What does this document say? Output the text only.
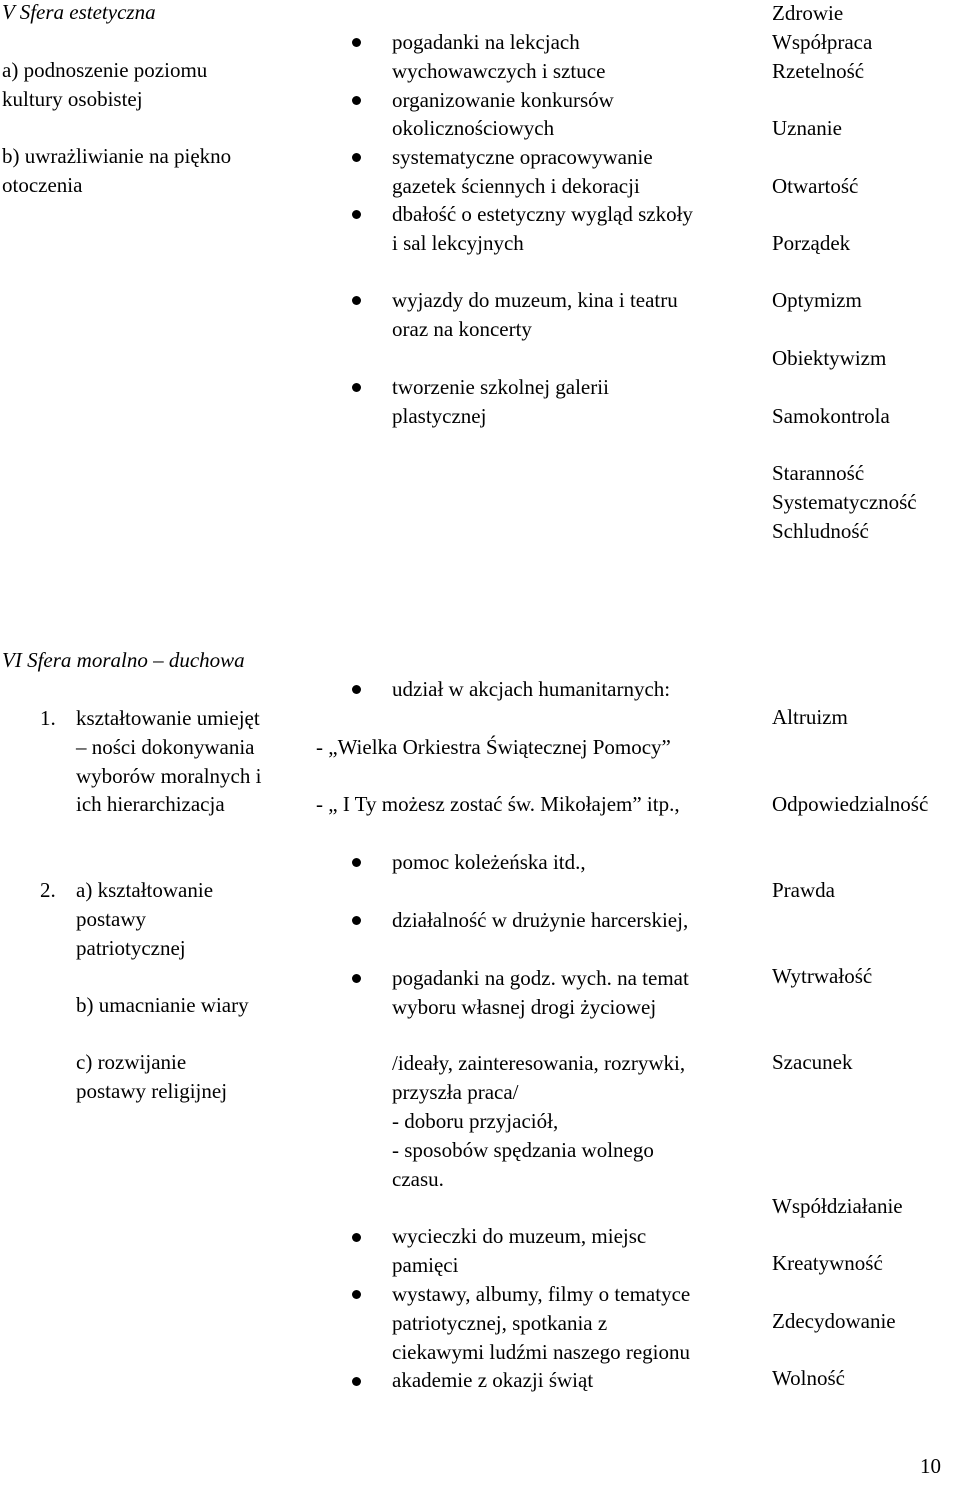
V Sfera estetyczna
a) podnoszenie poziomu
kultury osobistej
b) uwrażliwianie na piękno
otoczenia
pogadanki na lekcjach
wychowawczych i sztuce
organizowanie konkursów
okolicznościowych
systematyczne opracowywanie
gazetek ściennych i dekoracji
dbałość o estetyczny wygląd szkoły
i sal lekcyjnych
wyjazdy do muzeum, kina i teatru
oraz na koncerty
tworzenie szkolnej galerii
plastycznej
Zdrowie
Współpraca
Rzetelność
Uznanie
Otwartość
Porządek
Optymizm
Obiektywizm
Samokontrola
Staranność
Systematyczność
Schludność
VI Sfera moralno – duchowa
1. kształtowanie umiejęt
– ności dokonywania
wyborów moralnych i
ich hierarchizacja
2. a) kształtowanie
postawy
patriotycznej
b) umacnianie wiary
c) rozwijanie
postawy religijnej
udział w akcjach humanitarnych:
- „Wielka Orkiestra Świątecznej Pomocy”
- „ I Ty możesz zostać św. Mikołajem” itp.,
pomoc koleżeńska itd.,
działalność w drużynie harcerskiej,
pogadanki na godz. wych. na temat
wyboru własnej drogi życiowej
/ideały, zainteresowania, rozrywki,
przyszła praca/
- doboru przyjaciół,
- sposobów spędzania wolnego
czasu.
wycieczki do muzeum, miejsc
pamięci
wystawy, albumy, filmy o tematyce
patriotycznej, spotkania z
ciekawymi ludźmi naszego regionu
akademie z okazji świąt
Altruizm
Odpowiedzialność
Prawda
Wytrwałość
Szacunek
Współdziałanie
Kreatywność
Zdecydowanie
Wolność
10
